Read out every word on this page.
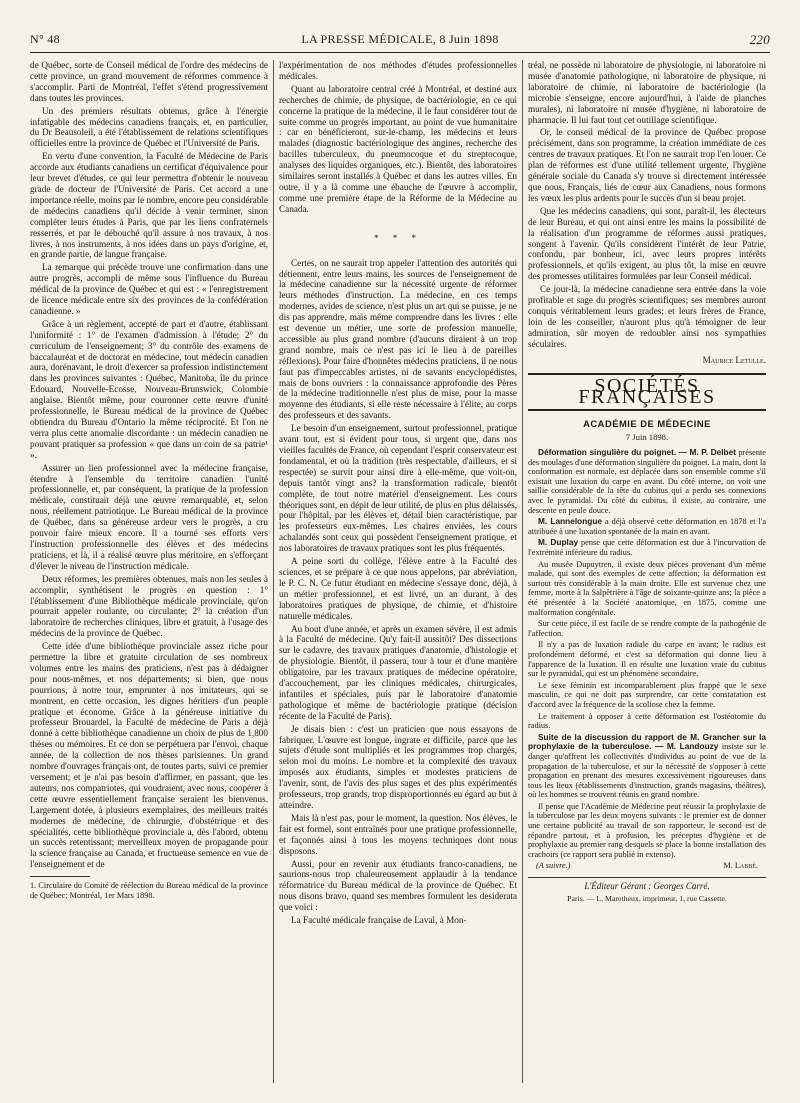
N° 48	LA PRESSE MÉDICALE, 8 Juin 1898	220

de Québec, sorte de Conseil médical de l'ordre des médecins de cette province, un grand mouvement de réformes commence à s'accomplir. Parti de Montréal, l'effet s'étend progressivement dans toutes les provinces.

Un des premiers résultats obtenus, grâce à l'énergie infatigable des médecins canadiens français, et, en particulier, du Dr Beausoleil, a été l'établissement de relations scientifiques officielles entre la province de Québec et l'Université de Paris.

En vertu d'une convention, la Faculté de Médecine de Paris accorde aux étudiants canadiens un certificat d'équivalence pour leur brevet d'études, ce qui leur permettra d'obtenir le nouveau grade de docteur de l'Université de Paris. Cet accord a une importance réelle, moins par le nombre, encore peu considérable de médecins canadiens qu'il décide à venir terminer, sinon compléter leurs études à Paris, que par les liens confraternels resserrés, et par le débouché qu'il assure à nos travaux, à nos livres, à nos instruments, à nos idées dans un pays d'origine, et, en grande partie, de langue française.

La remarque qui précède trouve une confirmation dans une autre progrès, accompli de même sous l'influence du Bureau médical de la province de Québec et qui est : « l'enregistrement de licence médicale entre six des provinces de la confédération canadienne. »

Grâce à un règlement, accepté de part et d'autre, établissant l'uniformité : 1° de l'examen d'admission à l'étude; 2° du curriculum de l'enseignement; 3° du contrôle des examens de baccalauréat et de doctorat en médecine, tout médecin canadien aura, dorénavant, le droit d'exercer sa profession indistinctement dans les provinces suivantes : Québec, Manitoba, île du prince Edouard, Nouvelle-Ecosse, Nouveau-Brunswick, Colombie anglaise. Bientôt même, pour couronner cette œuvre d'unité professionnelle, le Bureau médical de la province de Québec obtiendra du Bureau d'Ontario la même réciprocité. Et l'on ne verra plus cette anomalie discordante : un médecin canadien ne pouvant pratiquer sa profession « que dans un coin de sa patrie¹ ».

Assurer un lien professionnel avec la médecine française, étendre à l'ensemble du territoire canadien l'unité professionnelle, et, par conséquent, la pratique de la profession médicale, constituait déjà une œuvre remarquable, et, selon nous, réellement patriotique. Le Bureau médical de la province de Québec, dans sa généreuse ardeur vers le progrès, a cru pouvoir faire mieux encore. Il a tourné ses efforts vers l'instruction professionnelle des élèves et des médecins praticiens, et là, il a réalisé œuvre plus méritoire, en s'efforçant d'élever le niveau de l'instruction médicale.

Deux réformes, les premières obtenues, mais non les seules à accomplir, synthétisent le progrès en question : 1° l'établissement d'une Bibliothèque médicale provinciale, qu'on pourrait appeler roulante, ou circulante; 2° la création d'un laboratoire de recherches cliniques, libre et gratuit, à l'usage des médecins de la province de Québec.

Cette idée d'une bibliothèque provinciale assez riche pour permettre la libre et gratuite circulation de ses nombreux volumes entre les mains des praticiens, n'est pas à dédaigner pour nous-mêmes, et nos départements; si bien, que nous pourrions, à notre tour, emprunter à nos imitateurs, qui se montrent, en cette occasion, les dignes héritiers d'un peuple pratique et économe. Grâce à la généreuse initiative du professeur Brouardel, la Faculté de médecine de Paris a déjà donné à cette bibliothèque canadienne un choix de plus de 1,800 thèses ou mémoires. Et ce don se perpétuera par l'envoi, chaque année, de la collection de nos thèses parisiennes. Un grand nombre d'ouvrages français ont, de toutes parts, suivi ce premier versement; et je n'ai pas besoin d'affirmer, en passant, que les auteurs, nos compatriotes, qui voudraient, avec nous, coopérer à cette œuvre essentiellement française seraient les bienvenus. Largement dotée, à plusieurs exemplaires, des meilleurs traités modernes de médecine, de chirurgie, d'obstétrique et des spécialités, cette bibliothèque provinciale a, dès l'abord, obtenu un succès retentissant; merveilleux moyen de propagande pour la science française au Canada, et fructueuse semence en vue de l'enseignement et de

1. Circulaire du Comité de réélection du Bureau médical de la province de Québec; Montréal, 1er Mars 1898.

l'expérimentation de nos méthodes d'études professionnelles médicales.

Quant au laboratoire central créé à Montréal, et destiné aux recherches de chimie, de physique, de bactériologie, en ce qui concerne la pratique de la médecine, il le faut considérer tout de suite comme un progrès important, au point de vue humanitaire : car en bénéficieront, sur-le-champ, les médecins et leurs malades (diagnostic bactériologique des angines, recherche des bacilles tuberculeux, du pneumocoque et du streptocoque, analyses des liquides organiques, etc.). Bientôt, des laboratoires similaires seront installés à Québec et dans les autres villes. En outre, il y a là comme une ébauche de l'œuvre à accomplir, comme une première étape de la Réforme de la Médecine au Canada.

* * *

Certes, on ne saurait trop appeler l'attention des autorités qui détiennent, entre leurs mains, les sources de l'enseignement de la médecine canadienne sur la nécessité urgente de réformer leurs méthodes d'instruction. La médecine, en ces temps modernes, avides de science, n'est plus un art qui se puisse, je ne dis pas apprendre, mais même comprendre dans les livres : elle est devenue un métier, une sorte de profession manuelle, accessible au plus grand nombre (d'aucuns diraient à un trop grand nombre, mais ce n'est pas ici le lieu à de pareilles réflexions). Pour faire d'honnêtes médecins praticiens, il ne nous faut pas d'impeccables artistes, ni de savants encyclopédistes, mais de bons ouvriers : la connaissance approfondie des Pères de la médecine traditionnelle n'est plus de mise, pour la masse moyenne des étudiants, si elle reste nécessaire à l'élite, au corps des professeurs et des savants.

Le besoin d'un enseignement, surtout professionnel, pratique avant tout, est si évident pour tous, si urgent que, dans nos vieilles facultés de France, où cependant l'esprit conservateur est fondamental, et où la tradition (très respectable, d'ailleurs, et si respectée) se survit pour ainsi dire à elle-même, que voit-on, depuis tantôt vingt ans? la transformation radicale, bientôt complète, de tout notre matériel d'enseignement. Les cours théoriques sont, en dépit de leur utilité, de plus en plus délaissés, pour l'hôpital, par les élèves et, détail bien caractéristique, par les professeurs eux-mêmes. Les chaires enviées, les cours achalandés sont ceux qui possèdent l'enseignement pratique, et nos laboratoires de travaux pratiques sont les plus fréquentés.

A peine sorti du collège, l'élève entre à la Faculté des sciences, et se prépare à ce que nous appelons, par abréviation, le P. C. N. Ce futur étudiant en médecine s'essaye donc, déjà, à un métier professionnel, et est livré, un an durant, à des laboratoires pratiques de physique, de chimie, et d'histoire naturelle médicales.

Au bout d'une année, et après un examen sévère, il est admis à la Faculté de médecine. Qu'y fait-il aussitôt? Des dissections sur le cadavre, des travaux pratiques d'anatomie, d'histologie et de physiologie. Bientôt, il passera, tour à tour et d'une manière obligatoire, par les travaux pratiques de médecine opératoire, d'accouchement, par les cliniques médicales, chirurgicales, infantiles et spéciales, puis par le laboratoire d'anatomie pathologique et même de bactériologie pratique (décision récente de la Faculté de Paris).

Je disais bien : c'est un praticien que nous essayons de fabriquer. L'œuvre est longue, ingrate et difficile, parce que les sujets d'étude sont multipliés et les programmes trop chargés, selon moi du moins. Le nombre et la complexité des travaux imposés aux étudiants, simples et modestes praticiens de l'avenir, sont, de l'avis des plus sages et des plus expérimentés professeurs, trop grands, trop disproportionnés eu égard au but à atteindre.

Mais là n'est pas, pour le moment, la question. Nos élèves, le fait est formel, sont entraînés pour une pratique professionnelle, et façonnés ainsi à tous les moyens techniques dont nous disposons.

Aussi, pour en revenir aux étudiants franco-canadiens, ne saurions-nous trop chaleureusement applaudir à la tendance réformatrice du Bureau médical de la province de Québec. Et nous disons bravo, quand ses membres formulent les desiderata que voici :

La Faculté médicale française de Laval, à Mon-

tréal, ne possède ni laboratoire de physiologie, ni laboratoire ni musée d'anatomie pathologique, ni laboratoire de physique, ni laboratoire de chimie, ni laboratoire de bactériologie (la microbie s'enseigne, encore aujourd'hui, à l'aide de planches murales), ni laboratoire ni musée d'hygiène, ni laboratoire de pharmacie. Il lui faut tout cet outillage scientifique.

Or, le conseil médical de la province de Québec propose précisément, dans son programme, la création immédiate de ces centres de travaux pratiques. Et l'on ne saurait trop l'en louer. Ce plan de réformes est d'une utilité tellement urgente, l'hygiène générale sociale du Canada s'y trouve si directement intéressée que nous, Français, liés de cœur aux Canadiens, nous formons les vœux les plus ardents pour le succès d'un si beau projet.

Que les médecins canadiens, qui sont, paraît-il, les électeurs de leur Bureau, et qui ont ainsi entre les mains la possibilité de la réalisation d'un programme de réformes aussi pratiques, songent à l'avenir. Qu'ils considèrent l'intérêt de leur Patrie, confondu, par bonheur, ici, avec leurs propres intérêts professionnels, et qu'ils exigent, au plus tôt, la mise en œuvre des promesses utilitaires formulées par leur Conseil médical.

Ce jour-là, la médecine canadienne sera entrée dans la voie profitable et sage du progrès scientifiques; ses membres auront conquis véritablement leurs grades; et leurs frères de France, loin de les conseiller, n'auront plus qu'à témoigner de leur admiration, sûr moyen de redoubler ainsi nos sympathies séculaires.

Maurice Letulle.
SOCIÉTÉS FRANÇAISES
ACADÉMIE DE MÉDECINE
7 Juin 1898.

Déformation singulière du poignet. — M. P. Delbet présente des moulages d'une déformation singulière du poignet. La main, dont la conformation est normale, est déplacée dans son ensemble comme s'il existait une luxation du carpe en avant. Du côté interne, on voit une saillie considérable de la tête du cubitus qui a perdu ses connexions avec le pyramidal. Du côté du cubitus, il existe, au contraire, une descente en peule douce.

M. Lannelongue a déjà observé cette déformation en 1878 et l'a attribuée à une luxation spontanée de la main en avant.

M. Duplay pense que cette déformation est due à l'incurvation de l'extrémité inférieure du radius.

Au musée Dupuytren, il existe deux pièces provenant d'un même malade, qui sont des exemples de cette affection; la déformation est surtout très considérable à la main droite. Elle est survenue chez une femme, morte à la Salpêtrière à l'âge de soixante-quinze ans; la pièce a été présentée à la Société anatomique, en 1875, comme une malformation congénitale.

Sur cette pièce, il est facile de se rendre compte de la pathogénie de l'affection.

Il n'y a pas de luxation radiale du carpe en avant; le radius est profondément déformé, et c'est sa déformation qui donne lieu à l'apparence de la luxation. Il en résulte une luxation vraie du cubitus sur le pyramidal, qui est un phénomène secondaire.

Le sexe féminin est incomparablement plus frappé que le sexe masculin, ce qui ne doit pas surprendre, car cette constatation est d'accord avec la fréquence de la scoliose chez la femme.

Le traitement à opposer à cette déformation est l'ostéotomie du radius.

Suite de la discussion du rapport de M. Grancher sur la prophylaxie de la tuberculose. — M. Landouzy insiste sur le danger qu'offrent les collectivités d'individus au point de vue de la propagation de la tuberculose, et sur la nécessité de s'opposer à cette propagation en prenant des mesures excessivement rigoureuses dans tous les lieux (établissements d'instruction, grands magasins, théâtres), où les hommes se trouvent réunis en grand nombre.

Il pense que l'Académie de Médecine peut réussir la prophylaxie de la tuberculose par les deux moyens suivants : le premier est de donner une certaine publicité au travail de son rapporteur, le second est de répandre partout, et à profusion, les préceptes d'hygiène et de prophylaxie au premier rang desquels se place la bonne installation des crachoirs (ce rapport sera publié in extenso).

(A suivre.)	M. Labbé.
L'Éditeur Gérant : Georges Carré.
Paris. — L. Maretheux, imprimeur, 1, rue Cassette.
